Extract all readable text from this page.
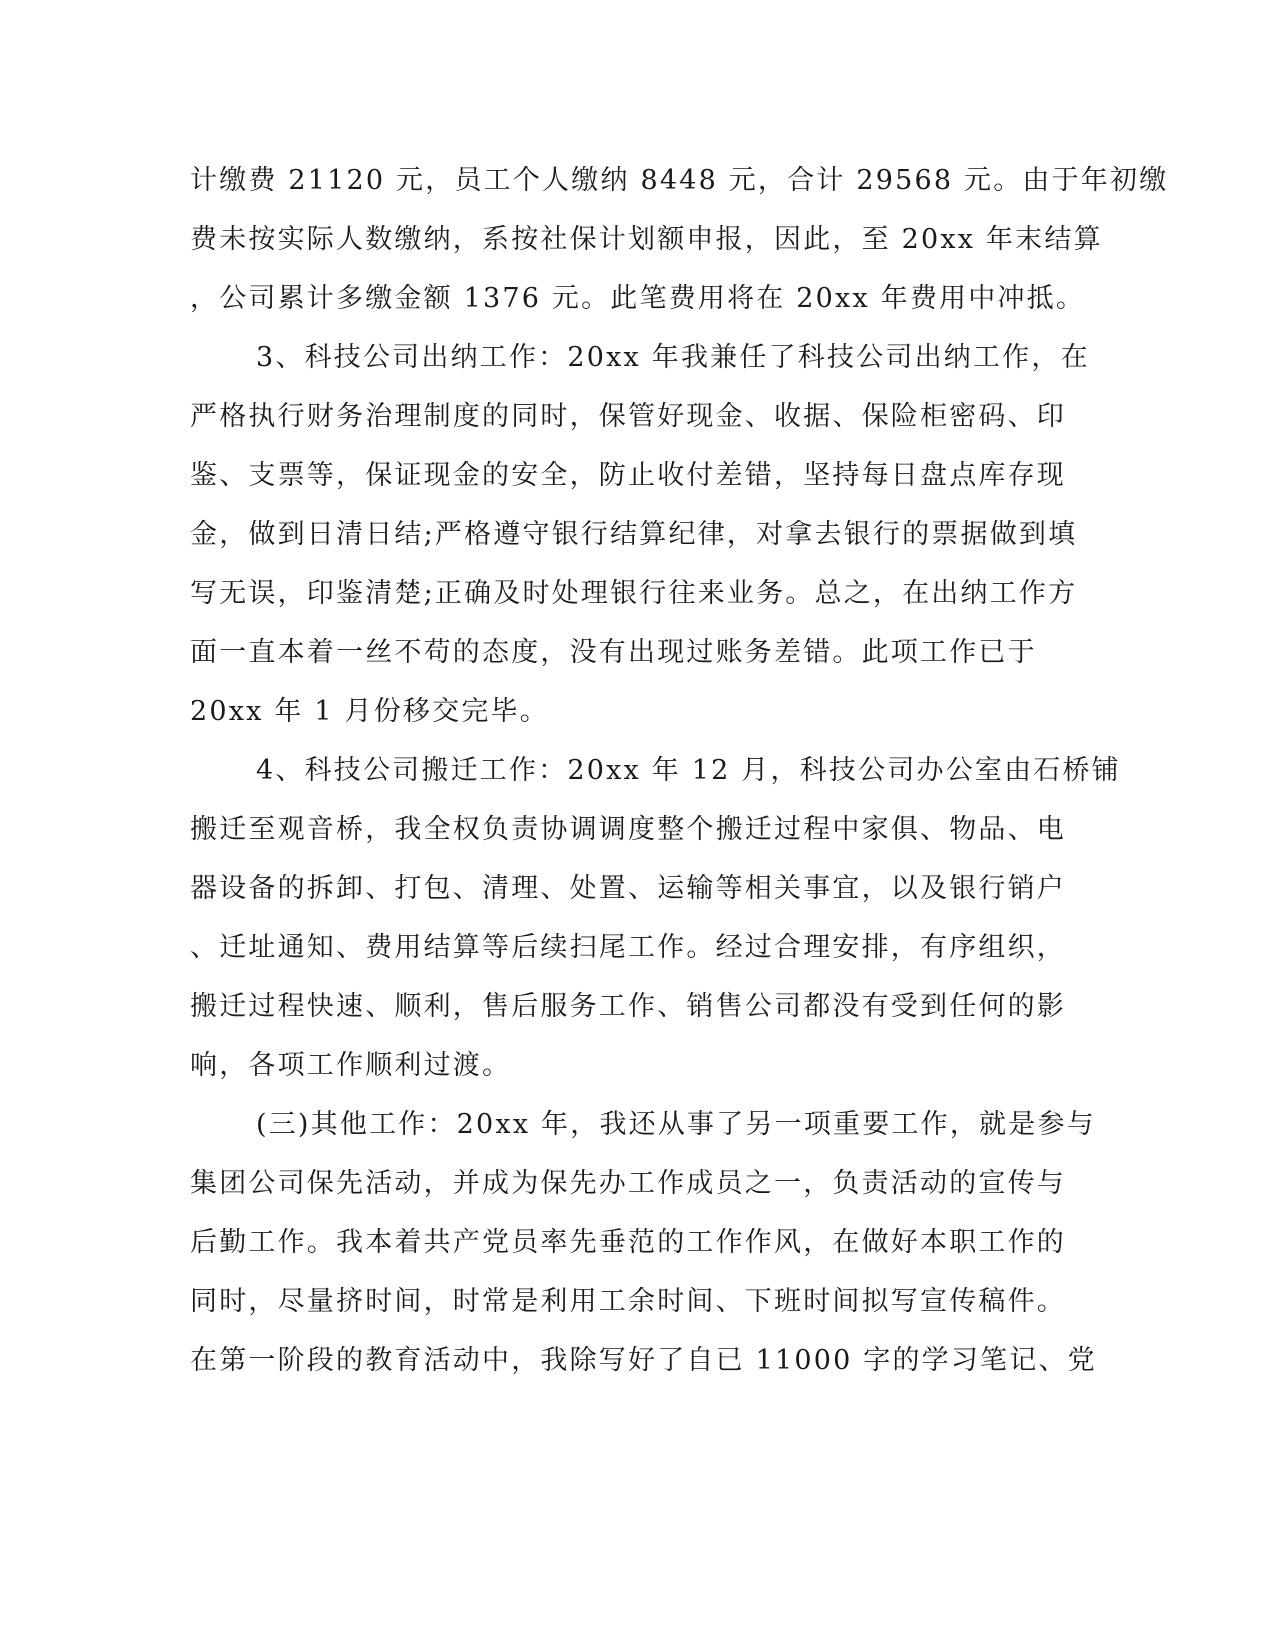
计缴费 21120 元，员工个人缴纳 8448 元，合计 29568 元。由于年初缴
费未按实际人数缴纳，系按社保计划额申报，因此，至 20xx 年末结算
，公司累计多缴金额 1376 元。此笔费用将在 20xx 年费用中冲抵。
3、科技公司出纳工作：20xx 年我兼任了科技公司出纳工作，在
严格执行财务治理制度的同时，保管好现金、收据、保险柜密码、印
鉴、支票等，保证现金的安全，防止收付差错，坚持每日盘点库存现
金，做到日清日结;严格遵守银行结算纪律，对拿去银行的票据做到填
写无误，印鉴清楚;正确及时处理银行往来业务。总之，在出纳工作方
面一直本着一丝不苟的态度，没有出现过账务差错。此项工作已于
20xx 年 1 月份移交完毕。
4、科技公司搬迁工作：20xx 年 12 月，科技公司办公室由石桥铺
搬迁至观音桥，我全权负责协调调度整个搬迁过程中家俱、物品、电
器设备的拆卸、打包、清理、处置、运输等相关事宜，以及银行销户
、迁址通知、费用结算等后续扫尾工作。经过合理安排，有序组织，
搬迁过程快速、顺利，售后服务工作、销售公司都没有受到任何的影
响，各项工作顺利过渡。
(三)其他工作：20xx 年，我还从事了另一项重要工作，就是参与
集团公司保先活动，并成为保先办工作成员之一，负责活动的宣传与
后勤工作。我本着共产党员率先垂范的工作作风，在做好本职工作的
同时，尽量挤时间，时常是利用工余时间、下班时间拟写宣传稿件。
在第一阶段的教育活动中，我除写好了自已 11000 字的学习笔记、党
